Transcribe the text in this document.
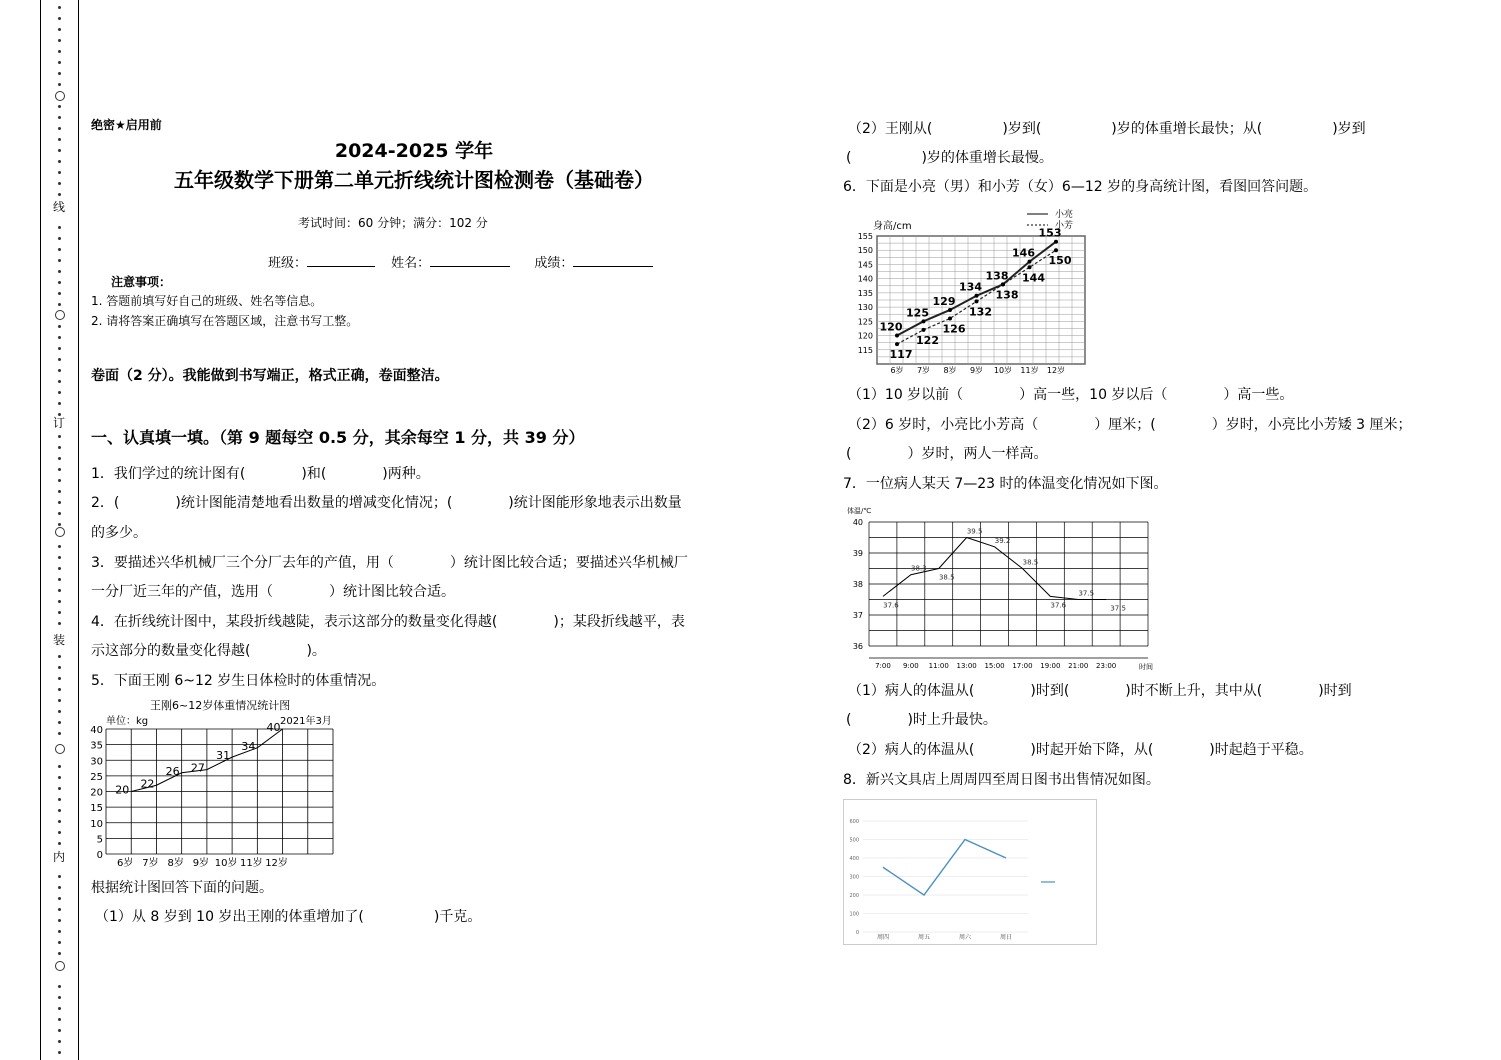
线
订
装
内
绝密★启用前
2024-2025 学年
五年级数学下册第二单元折线统计图检测卷（基础卷）
考试时间：60 分钟；满分：102 分
班级：	姓名：	成绩：
注意事项：
1. 答题前填写好自己的班级、姓名等信息。
2. 请将答案正确填写在答题区域，注意书写工整。
卷面（2 分）。我能做到书写端正，格式正确，卷面整洁。
一、认真填一填。（第 9 题每空 0.5 分，其余每空 1 分，共 39 分）
1．我们学过的统计图有(　　　　)和(　　　　)两种。
2．(　　　　)统计图能清楚地看出数量的增减变化情况；(　　　　)统计图能形象地表示出数量
的多少。
3．要描述兴华机械厂三个分厂去年的产值，用（　　　　）统计图比较合适；要描述兴华机械厂
一分厂近三年的产值，选用（　　　　）统计图比较合适。
4．在折线统计图中，某段折线越陡，表示这部分的数量变化得越(　　　　)；某段折线越平，表
示这部分的数量变化得越(　　　　)。
5．下面王刚 6~12 岁生日体检时的体重情况。
王刚6~12岁体重情况统计图
单位：kg	2021年3月
0
5
10
15
20
25
30
35
40
6岁 7岁 8岁 9岁 10岁 11岁 12岁
20 22
26 27
31
34
40
根据统计图回答下面的问题。
（1）从 8 岁到 10 岁出王刚的体重增加了(　　　　　)千克。
（2）王刚从(　　　　　)岁到(　　　　　)岁的体重增长最快；从(　　　　　)岁到
(　　　　　)岁的体重增长最慢。
6．下面是小亮（男）和小芳（女）6—12 岁的身高统计图，看图回答问题。
身高/cm
115
120
125
130
135
140
145
150
155
6岁 7岁 8岁 9岁 10岁 11岁 12岁
120
125
129
134
138
146
153
117
122
126
132
138
144
150
小亮
小芳
（1）10 岁以前（　　　　）高一些，10 岁以后（　　　　）高一些。
（2）6 岁时，小亮比小芳高（　　　　）厘米；(　　　　）岁时，小亮比小芳矮 3 厘米；
(　　　　）岁时，两人一样高。
7．一位病人某天 7—23 时的体温变化情况如下图。
体温/℃
时间
36
37
38
39
40
7:00 9:00 11:00 13:00 15:00 17:00 19:00 21:00 23:00
37.6
38.3
38.5
39.5
39.2
38.5
37.6
37.5
37.5
（1）病人的体温从(　　　　)时到(　　　　)时不断上升，其中从(　　　　)时到
(　　　　)时上升最快。
（2）病人的体温从(　　　　)时起开始下降，从(　　　　)时起趋于平稳。
8．新兴文具店上周周四至周日图书出售情况如图。
0
100
200
300
400
500
600
周四	周五	周六	周日
